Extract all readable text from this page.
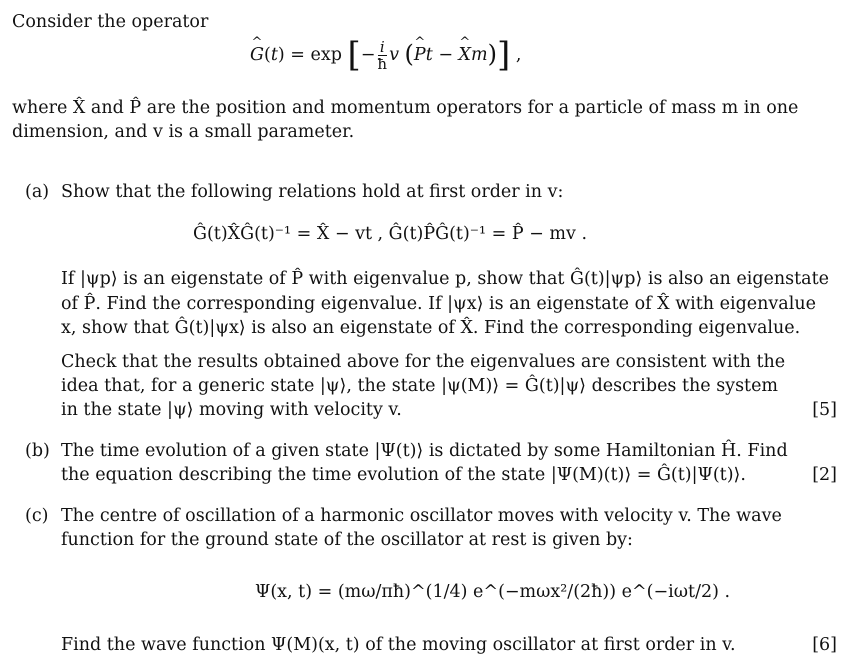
Consider the operator
^ G(t) = exp [− $\frac{i}{ħ}$ v (^ Pt − ^ Xm)] ,
where X̂ and P̂ are the position and momentum operators for a particle of mass m in one
dimension, and v is a small parameter.
(a) Show that the following relations hold at first order in v:
Ĝ(t)X̂Ĝ(t)⁻¹ = X̂ − vt , Ĝ(t)P̂Ĝ(t)⁻¹ = P̂ − mv .
If |ψp⟩ is an eigenstate of P̂ with eigenvalue p, show that Ĝ(t)|ψp⟩ is also an eigenstate
of P̂. Find the corresponding eigenvalue. If |ψx⟩ is an eigenstate of X̂ with eigenvalue
x, show that Ĝ(t)|ψx⟩ is also an eigenstate of X̂. Find the corresponding eigenvalue.
Check that the results obtained above for the eigenvalues are consistent with the
idea that, for a generic state |ψ⟩, the state |ψ(M)⟩ = Ĝ(t)|ψ⟩ describes the system
in the state |ψ⟩ moving with velocity v.	[5]
(b) The time evolution of a given state |Ψ(t)⟩ is dictated by some Hamiltonian Ĥ. Find
the equation describing the time evolution of the state |Ψ(M)(t)⟩ = Ĝ(t)|Ψ(t)⟩.	[2]
(c) The centre of oscillation of a harmonic oscillator moves with velocity v. The wave
function for the ground state of the oscillator at rest is given by:
Ψ(x, t) = (mω/πħ)^(1/4) e^(−mωx²/(2ħ)) e^(−iωt/2) .
Find the wave function Ψ(M)(x, t) of the moving oscillator at first order in v.	[6]
